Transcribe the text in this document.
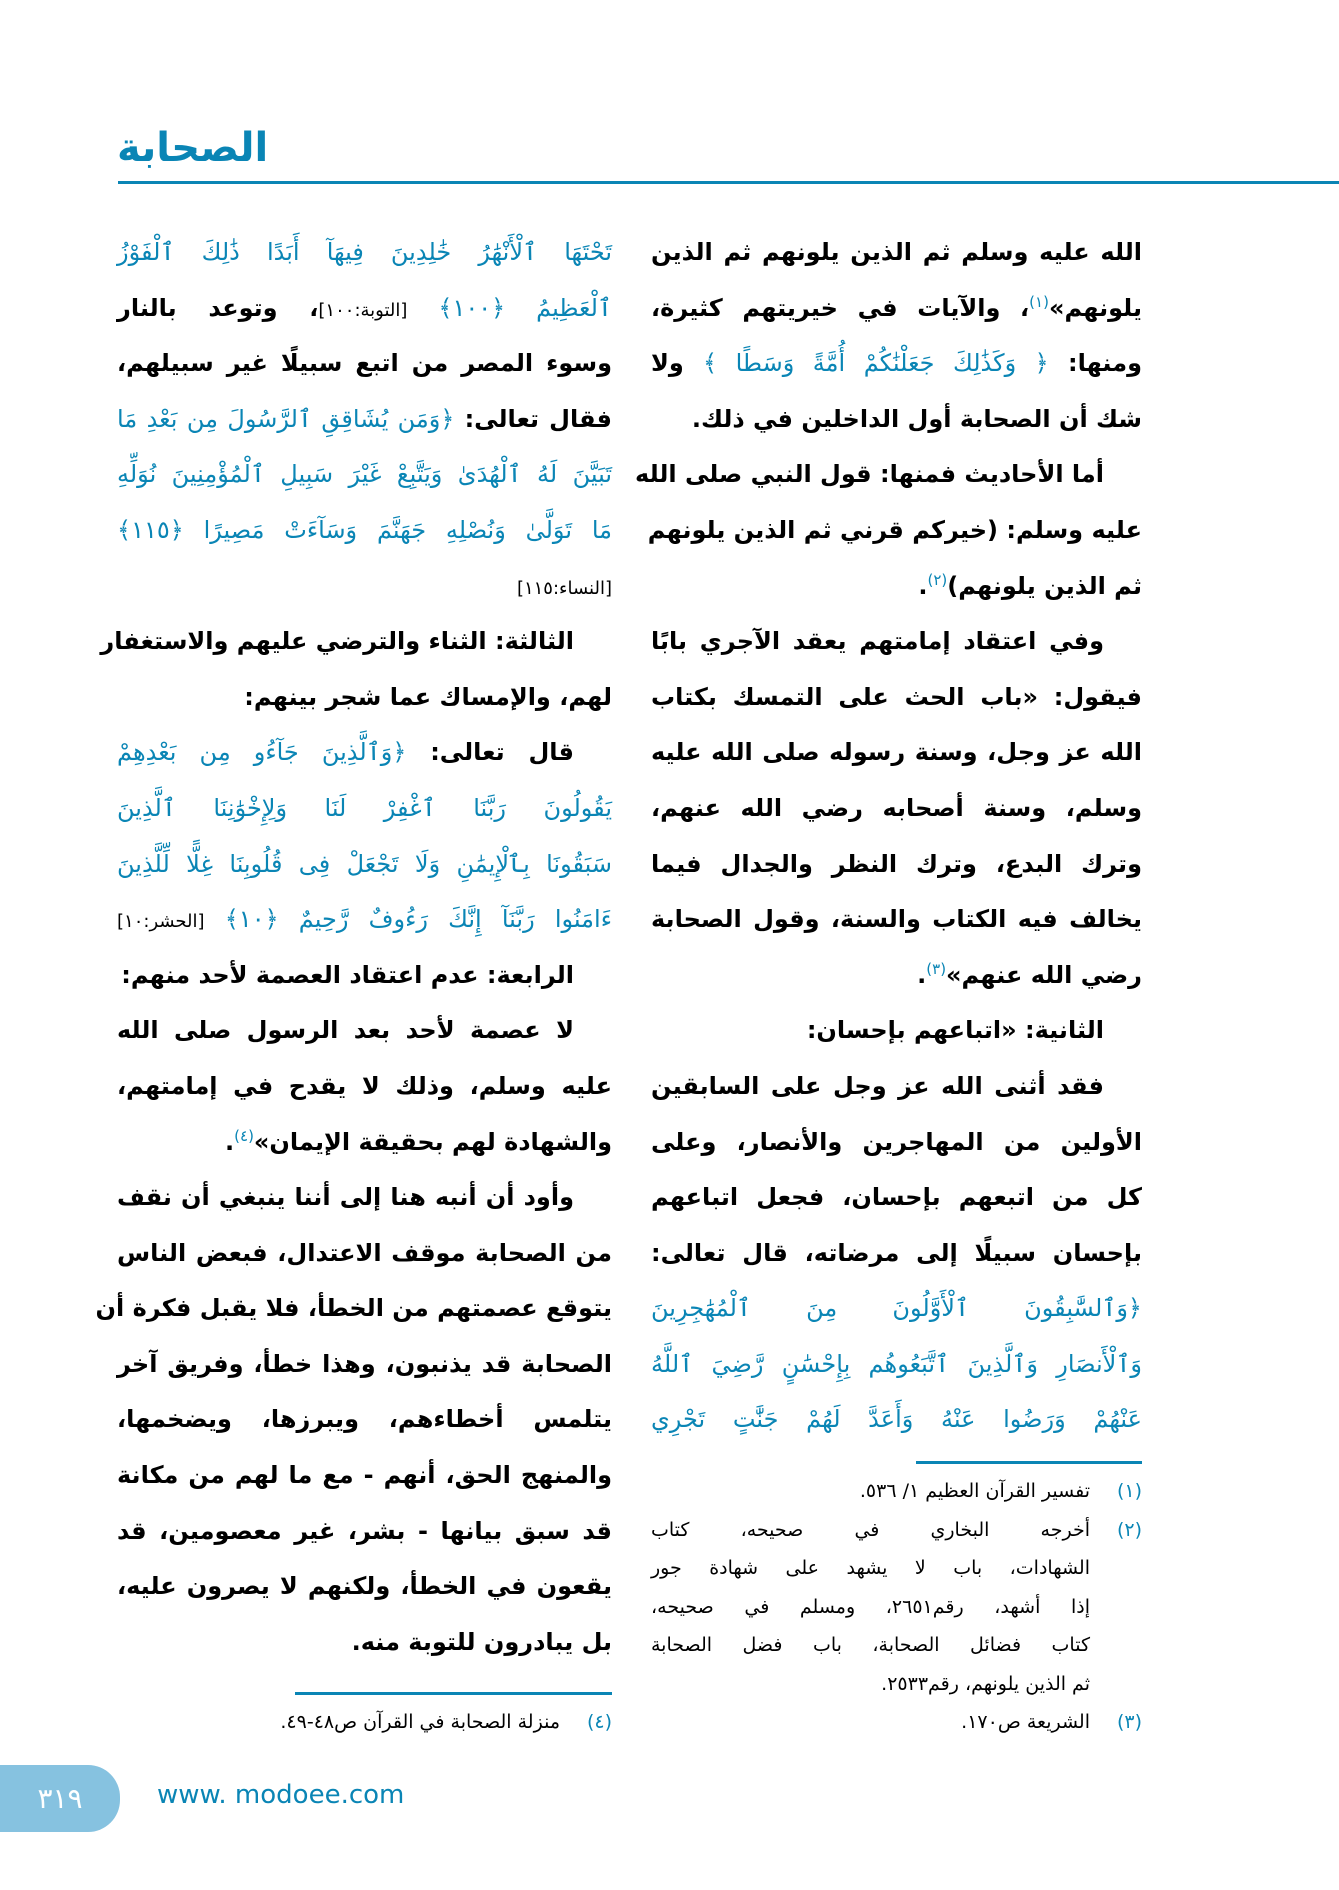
الصحابة
الله عليه وسلم ثم الذين يلونهم ثم الذين
يلونهم»$^{(١)}$، والآيات في خيريتهم كثيرة،
ومنها: ﴿ وَكَذَٰلِكَ جَعَلْنَٰكُمْ أُمَّةً وَسَطًا ﴾ ولا
شك أن الصحابة أول الداخلين في ذلك.
أما الأحاديث فمنها: قول النبي صلى الله
عليه وسلم: (خيركم قرني ثم الذين يلونهم
ثم الذين يلونهم)$^{(٢)}$.
وفي اعتقاد إمامتهم يعقد الآجري بابًا
فيقول: «باب الحث على التمسك بكتاب
الله عز وجل، وسنة رسوله صلى الله عليه
وسلم، وسنة أصحابه رضي الله عنهم،
وترك البدع، وترك النظر والجدال فيما
يخالف فيه الكتاب والسنة، وقول الصحابة
رضي الله عنهم»$^{(٣)}$.
الثانية: «اتباعهم بإحسان:
فقد أثنى الله عز وجل على السابقين
الأولين من المهاجرين والأنصار، وعلى
كل من اتبعهم بإحسان، فجعل اتباعهم
بإحسان سبيلًا إلى مرضاته، قال تعالى:
﴿وَٱلسَّٰبِقُونَ ٱلْأَوَّلُونَ مِنَ ٱلْمُهَٰجِرِينَ
وَٱلْأَنصَارِ وَٱلَّذِينَ ٱتَّبَعُوهُم بِإِحْسَٰنٍ رَّضِيَ ٱللَّهُ
عَنْهُمْ وَرَضُوا عَنْهُ وَأَعَدَّ لَهُمْ جَنَّٰتٍ تَجْرِي
تَحْتَهَا ٱلْأَنْهَٰرُ خَٰلِدِينَ فِيهَآ أَبَدًا ذَٰلِكَ ٱلْفَوْزُ
ٱلْعَظِيمُ ﴿١٠٠﴾ [التوبة:١٠٠]، وتوعد بالنار
وسوء المصر من اتبع سبيلًا غير سبيلهم،
فقال تعالى: ﴿وَمَن يُشَاقِقِ ٱلرَّسُولَ مِن بَعْدِ مَا
تَبَيَّنَ لَهُ ٱلْهُدَىٰ وَيَتَّبِعْ غَيْرَ سَبِيلِ ٱلْمُؤْمِنِينَ نُوَلِّهِ
مَا تَوَلَّىٰ وَنُصْلِهِ جَهَنَّمَ وَسَآءَتْ مَصِيرًا ﴿١١٥﴾
[النساء:١١٥]
الثالثة: الثناء والترضي عليهم والاستغفار
لهم، والإمساك عما شجر بينهم:
قال تعالى: ﴿وَٱلَّذِينَ جَآءُو مِن بَعْدِهِمْ
يَقُولُونَ رَبَّنَا ٱغْفِرْ لَنَا وَلِإِخْوَٰنِنَا ٱلَّذِينَ
سَبَقُونَا بِٱلْإِيمَٰنِ وَلَا تَجْعَلْ فِى قُلُوبِنَا غِلًّا لِّلَّذِينَ
ءَامَنُوا رَبَّنَآ إِنَّكَ رَءُوفٌ رَّحِيمٌ ﴿١٠﴾ [الحشر:١٠]
الرابعة: عدم اعتقاد العصمة لأحد منهم:
لا عصمة لأحد بعد الرسول صلى الله
عليه وسلم، وذلك لا يقدح في إمامتهم،
والشهادة لهم بحقيقة الإيمان»$^{(٤)}$.
وأود أن أنبه هنا إلى أننا ينبغي أن نقف
من الصحابة موقف الاعتدال، فبعض الناس
يتوقع عصمتهم من الخطأ، فلا يقبل فكرة أن
الصحابة قد يذنبون، وهذا خطأ، وفريق آخر
يتلمس أخطاءهم، ويبرزها، ويضخمها،
والمنهج الحق، أنهم - مع ما لهم من مكانة
قد سبق بيانها - بشر، غير معصومين، قد
يقعون في الخطأ، ولكنهم لا يصرون عليه،
بل يبادرون للتوبة منه.
(١)
تفسير القرآن العظيم ١/ ٥٣٦.
(٢)
أخرجه البخاري في صحيحه، كتاب
الشهادات، باب لا يشهد على شهادة جور
إذا أشهد، رقم٢٦٥١، ومسلم في صحيحه،
كتاب فضائل الصحابة، باب فضل الصحابة
ثم الذين يلونهم، رقم٢٥٣٣.
(٣)
الشريعة ص١٧٠.
(٤)
منزلة الصحابة في القرآن ص٤٨-٤٩.
٣١٩	www. modoee.com
